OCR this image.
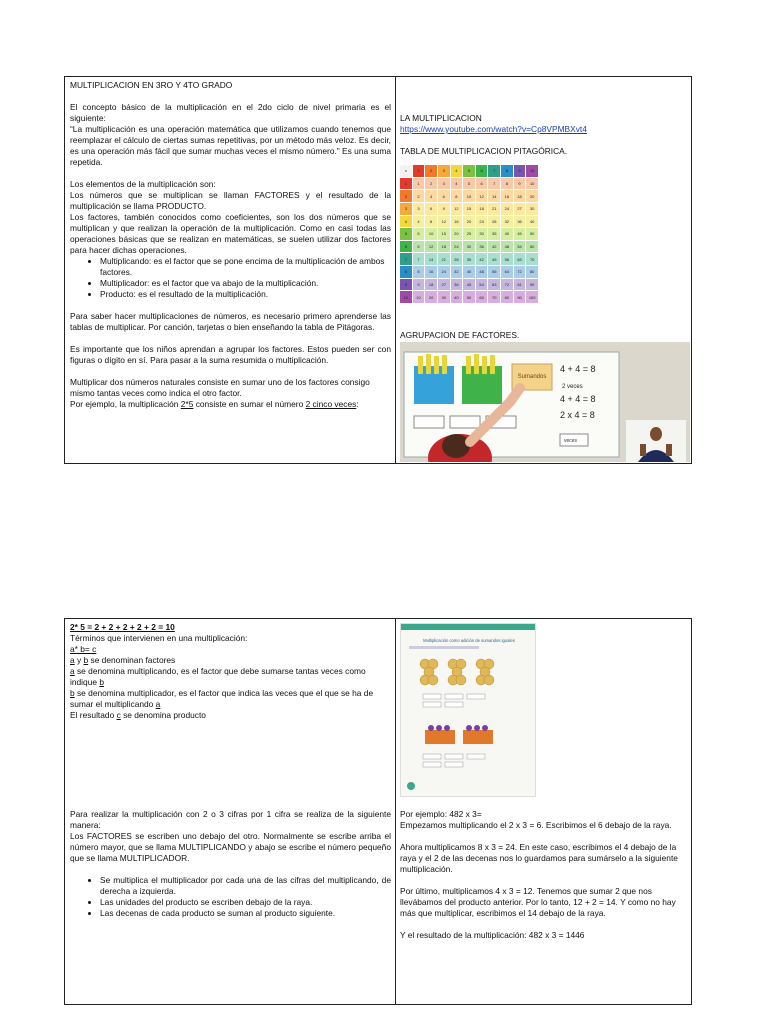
MULTIPLICACION EN 3RO Y 4TO GRADO

El concepto básico de la multiplicación en el 2do ciclo de nivel primaria es el siguiente:

“La multiplicación es una operación matemática que utilizamos cuando tenemos que reemplazar el cálculo de ciertas sumas repetitivas, por un método más veloz. Es decir, es una operación más fácil que sumar muchas veces el mismo número.” Es una suma repetida.

Los elementos de la multiplicación son:

Los números que se multiplican se llaman FACTORES y el resultado de la multiplicación se llama PRODUCTO.

Los factores, también conocidos como coeficientes, son los dos números que se multiplican y que realizan la operación de la multiplicación. Como en casi todas las operaciones básicas que se realizan en matemáticas, se suelen utilizar dos factores para hacer dichas operaciones.

• Multiplicando: es el factor que se pone encima de la multiplicación de ambos factores.
• Multiplicador: es el factor que va abajo de la multiplicación.
• Producto: es el resultado de la multiplicación.

Para saber hacer multiplicaciones de números, es necesario primero aprenderse las tablas de multiplicar. Por canción, tarjetas o bien enseñando la tabla de Pitágoras.

Es importante que los niños aprendan a agrupar los factores. Estos pueden ser con figuras o dígito en sí. Para pasar a la suma resumida o multiplicación.

Multiplicar dos números naturales consiste en sumar uno de los factores consigo mismo tantas veces como indica el otro factor.

Por ejemplo, la multiplicación 2*5 consiste en sumar el número 2 cinco veces:

LA MULTIPLICACION

https://www.youtube.com/watch?v=Cp8VPMBXvt4

TABLA DE MULTIPLICACION PITAGÓRICA.

x	1	2	3	4	5	6	7	8	9	10
1	1	2	3	4	5	6	7	8	9	10
2	2	4	6	8	10	12	14	16	18	20
3	3	6	9	12	15	18	21	24	27	30
4	4	8	12	16	20	24	28	32	36	40
5	5	10	15	20	25	30	35	40	45	50
6	6	12	18	24	30	36	42	48	54	60
7	7	14	21	28	35	42	49	56	63	70
8	8	16	24	32	40	48	56	64	72	80
9	9	18	27	36	45	54	63	72	81	90
10	10	20	30	40	50	60	70	80	90	100

AGRUPACION DE FACTORES.

Sumandos
4 + 4 = 8
2 veces
4 + 4 = 8
2 x 4 = 8
veces

2* 5 = 2 + 2 + 2 + 2 + 2 = 10

Términos que intervienen en una multiplicación:

a* b= c

a y b se denominan factores

a se denomina multiplicando, es el factor que debe sumarse tantas veces como indique b

b se denomina multiplicador, es el factor que indica las veces que el que se ha de sumar el multiplicando a

El resultado c se denomina producto

Para realizar la multiplicación con 2 o 3 cifras por 1 cifra se realiza de la siguiente manera:

Los FACTORES se escriben uno debajo del otro. Normalmente se escribe arriba el número mayor, que se llama MULTIPLICANDO y abajo se escribe el número pequeño que se llama MULTIPLICADOR.

• Se multiplica el multiplicador por cada una de las cifras del multiplicando, de derecha a izquierda.
• Las unidades del producto se escriben debajo de la raya.
• Las decenas de cada producto se suman al producto siguiente.
Multiplicación como adición de sumandos iguales

Por ejemplo: 482 x 3=

Empezamos multiplicando el 2 x 3 = 6. Escribimos el 6 debajo de la raya.

Ahora multiplicamos 8 x 3 = 24. En este caso, escribimos el 4 debajo de la raya y el 2 de las decenas nos lo guardamos para sumárselo a la siguiente multiplicación.

Por último, multiplicamos 4 x 3 = 12. Tenemos que sumar 2 que nos llevábamos del producto anterior. Por lo tanto, 12 + 2 = 14. Y como no hay más que multiplicar, escribimos el 14 debajo de la raya.

Y el resultado de la multiplicación: 482 x 3 = 1446
